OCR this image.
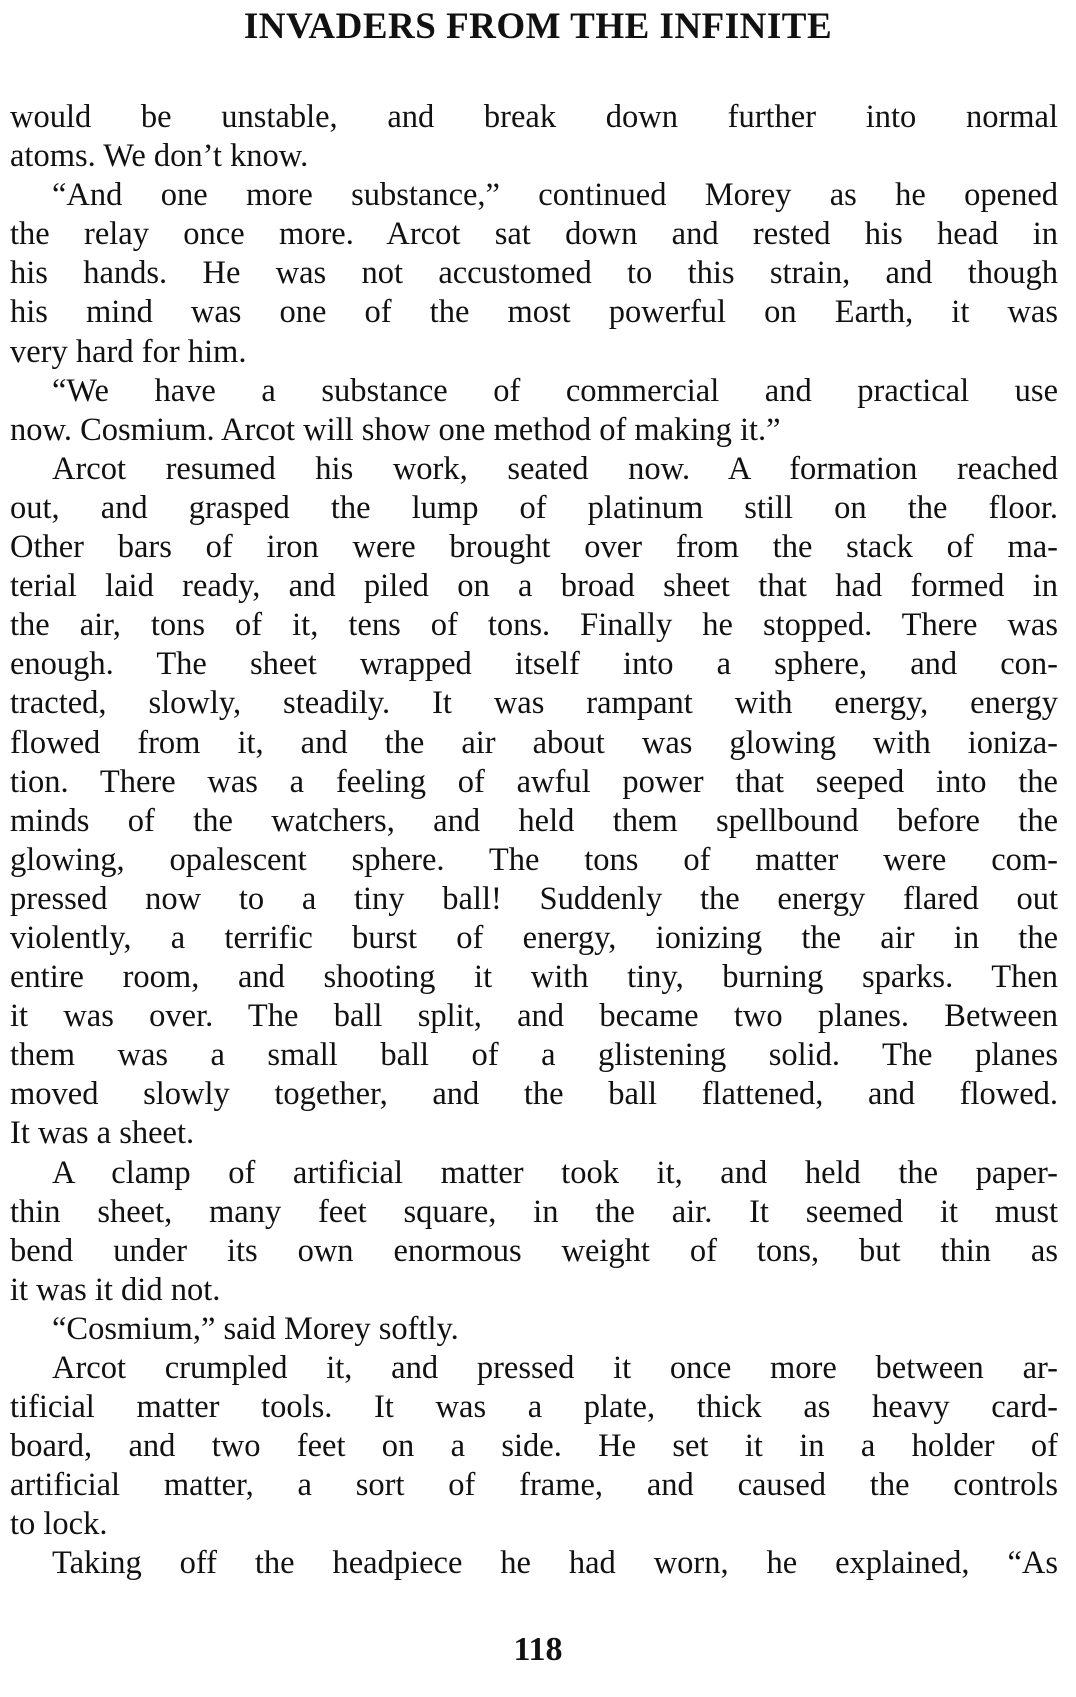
INVADERS FROM THE INFINITE
would be unstable, and break down further into normal
atoms. We don’t know.
“And one more substance,” continued Morey as he opened
the relay once more. Arcot sat down and rested his head in
his hands. He was not accustomed to this strain, and though
his mind was one of the most powerful on Earth, it was
very hard for him.
“We have a substance of commercial and practical use
now. Cosmium. Arcot will show one method of making it.”
Arcot resumed his work, seated now. A formation reached
out, and grasped the lump of platinum still on the floor.
Other bars of iron were brought over from the stack of ma-
terial laid ready, and piled on a broad sheet that had formed in
the air, tons of it, tens of tons. Finally he stopped. There was
enough. The sheet wrapped itself into a sphere, and con-
tracted, slowly, steadily. It was rampant with energy, energy
flowed from it, and the air about was glowing with ioniza-
tion. There was a feeling of awful power that seeped into the
minds of the watchers, and held them spellbound before the
glowing, opalescent sphere. The tons of matter were com-
pressed now to a tiny ball! Suddenly the energy flared out
violently, a terrific burst of energy, ionizing the air in the
entire room, and shooting it with tiny, burning sparks. Then
it was over. The ball split, and became two planes. Between
them was a small ball of a glistening solid. The planes
moved slowly together, and the ball flattened, and flowed.
It was a sheet.
A clamp of artificial matter took it, and held the paper-
thin sheet, many feet square, in the air. It seemed it must
bend under its own enormous weight of tons, but thin as
it was it did not.
“Cosmium,” said Morey softly.
Arcot crumpled it, and pressed it once more between ar-
tificial matter tools. It was a plate, thick as heavy card-
board, and two feet on a side. He set it in a holder of
artificial matter, a sort of frame, and caused the controls
to lock.
Taking off the headpiece he had worn, he explained, “As
118
